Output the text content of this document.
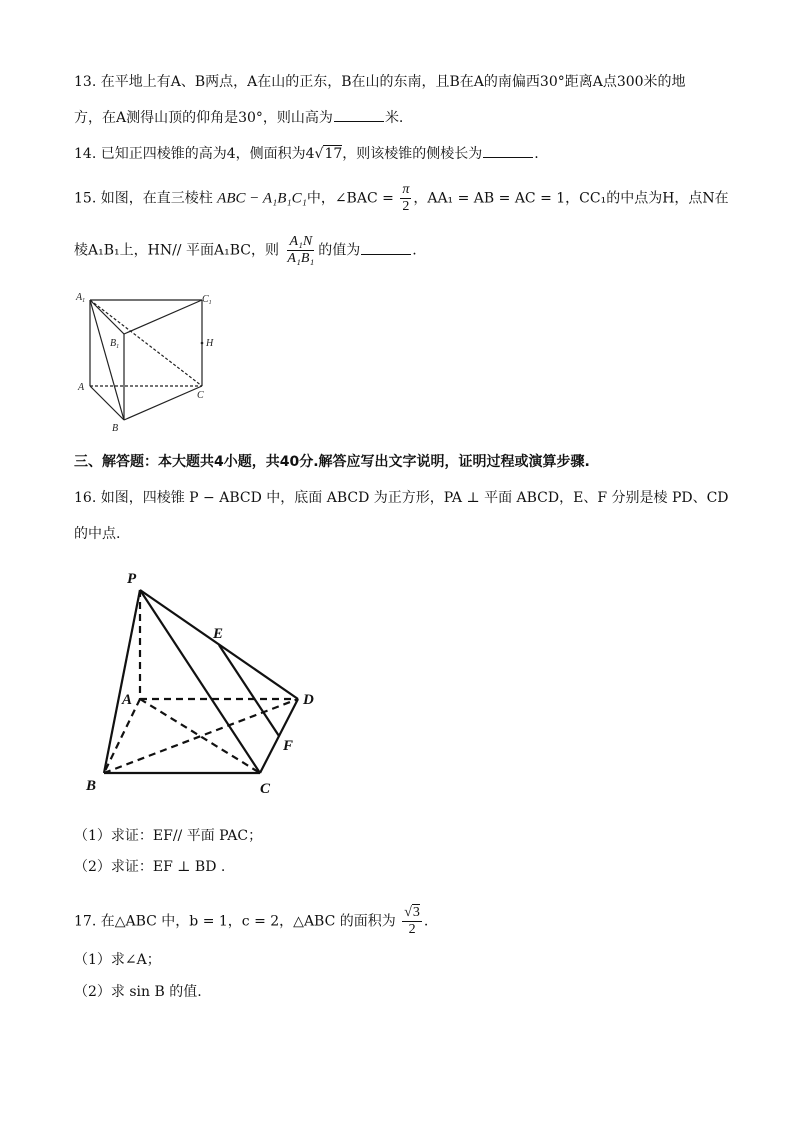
13. 在平地上有A、B两点，A在山的正东，B在山的东南，且B在A的南偏西30°距离A点300米的地
方，在A测得山顶的仰角是30°，则山高为	米.
14. 已知正四棱锥的高为4，侧面积为4√17，则该棱锥的侧棱长为	.
15. 如图，在直三棱柱 ABC − A₁B₁C₁中，∠BAC = $\frac{\pi}{2}$ ，AA₁ = AB = AC = 1，CC₁的中点为H，点N在
棱A₁B₁上，HN// 平面A₁BC，则 $\frac{\text{A₁N}}{\text{A₁B₁}}$ 的值为	.
$A_1$	$C_1$
$B_1$	H
A
C
B
三、解答题：本大题共4小题，共40分.解答应写出文字说明，证明过程或演算步骤.
16. 如图，四棱锥 P − ABCD 中，底面 ABCD 为正方形，PA ⊥ 平面 ABCD，E、F 分别是棱 PD、CD
的中点.
P
E
A	D
F
B	C
（1）求证：EF// 平面 PAC；
（2）求证：EF ⊥ BD .
17. 在△ABC 中，b = 1，c = 2，△ABC 的面积为 $\frac{√3}{2}$ .
（1）求∠A；
（2）求 sin B 的值.
